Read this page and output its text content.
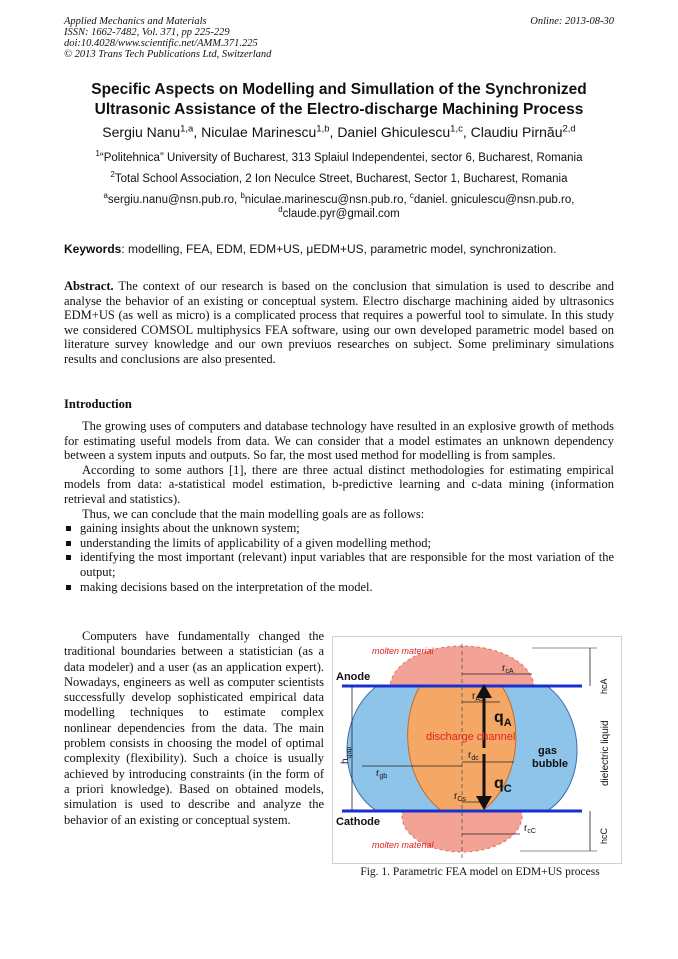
Applied Mechanics and Materials
ISSN: 1662-7482, Vol. 371, pp 225-229
doi:10.4028/www.scientific.net/AMM.371.225
© 2013 Trans Tech Publications Ltd, Switzerland
Online: 2013-08-30
Specific Aspects on Modelling and Simullation of the Synchronized
Ultrasonic Assistance of the Electro-discharge Machining Process
Sergiu Nanu$^{1,a}$, Niculae Marinescu$^{1,b}$, Daniel Ghiculescu$^{1,c}$, Claudiu Pirnău$^{2,d}$
$^1$“Politehnica” University of Bucharest, 313 Splaiul Independentei, sector 6, Bucharest, Romania
$^2$Total School Association, 2 Ion Neculce Street, Bucharest, Sector 1, Bucharest, Romania
$^a$sergiu.nanu@nsn.pub.ro, $^b$niculae.marinescu@nsn.pub.ro, $^c$daniel. gniculescu@nsn.pub.ro,
$^d$claude.pyr@gmail.com
Keywords: modelling, FEA, EDM, EDM+US, μEDM+US, parametric model, synchronization.
Abstract. The context of our research is based on the conclusion that simulation is used to describe and analyse the behavior of an existing or conceptual system. Electro discharge machining aided by ultrasonics EDM+US (as well as micro) is a complicated process that requires a powerful tool to simulate. In this study we considered COMSOL multiphysics FEA software, using our own developed parametric model based on literature survey knowledge and our own previuos researches on subject. Some preliminary simulations results and conclusions are also presented.
Introduction

The growing uses of computers and database technology have resulted in an explosive growth of methods for estimating useful models from data. We can consider that a model estimates an unknown dependency between a system inputs and outputs. So far, the most used method for modelling is from samples.

According to some authors [1], there are three actual distinct methodologies for estimating empirical models from data: a-statistical model estimation, b-predictive learning and c-data mining (information retrieval and statistics).

Thus, we can conclude that the main modelling goals are as follows:

gaining insights about the unknown system;
understanding the limits of applicability of a given modelling method;
identifying the most important (relevant) input variables that are responsible for the most variation of the output;
making decisions based on the interpretation of the model.

Computers have fundamentally changed the traditional boundaries between a statistician (as a data modeler) and a user (as an application expert). Nowadays, engineers as well as computer scientists successfully develop sophisticated empirical data modelling techniques to estimate complex nonlinear dependencies from the data. The main problem consists in choosing the model of optimal complexity (flexibility). Such a choice is usually achieved by introducing constraints (in the form of a priori knowledge). Based on obtained models, simulation is used to describe and analyze the behavior of an existing or conceptual system.

molten material
molten material
Anode
Cathode
discharge channel
gas
bubble	dielectric liquid
hcA
hcC
$h_{gap}$
$r_{cA}$
$r_{As}$
$r_{dc}$
$r_{gb}$
$r_{Cs}$
$r_{cC}$
$q_A$
$q_C$
Fig. 1. Parametric FEA model on EDM+US process
